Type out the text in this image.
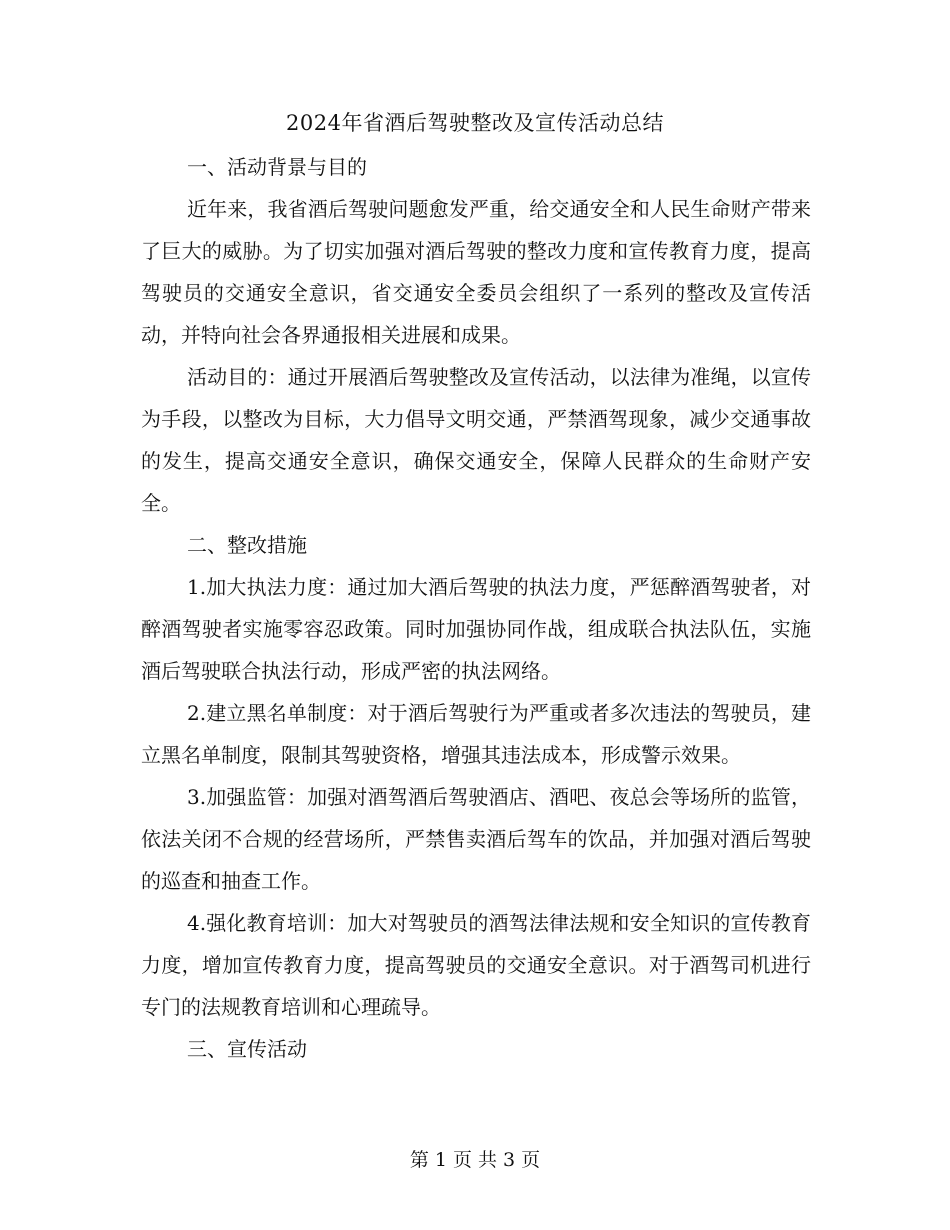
2024年省酒后驾驶整改及宣传活动总结

一、活动背景与目的

近年来，我省酒后驾驶问题愈发严重，给交通安全和人民生命财产带来了巨大的威胁。为了切实加强对酒后驾驶的整改力度和宣传教育力度，提高驾驶员的交通安全意识，省交通安全委员会组织了一系列的整改及宣传活动，并特向社会各界通报相关进展和成果。

活动目的：通过开展酒后驾驶整改及宣传活动，以法律为准绳，以宣传为手段，以整改为目标，大力倡导文明交通，严禁酒驾现象，减少交通事故的发生，提高交通安全意识，确保交通安全，保障人民群众的生命财产安全。

二、整改措施

1.加大执法力度：通过加大酒后驾驶的执法力度，严惩醉酒驾驶者，对醉酒驾驶者实施零容忍政策。同时加强协同作战，组成联合执法队伍，实施酒后驾驶联合执法行动，形成严密的执法网络。

2.建立黑名单制度：对于酒后驾驶行为严重或者多次违法的驾驶员，建立黑名单制度，限制其驾驶资格，增强其违法成本，形成警示效果。

3.加强监管：加强对酒驾酒后驾驶酒店、酒吧、夜总会等场所的监管，依法关闭不合规的经营场所，严禁售卖酒后驾车的饮品，并加强对酒后驾驶的巡查和抽查工作。

4.强化教育培训：加大对驾驶员的酒驾法律法规和安全知识的宣传教育力度，增加宣传教育力度，提高驾驶员的交通安全意识。对于酒驾司机进行专门的法规教育培训和心理疏导。

三、宣传活动

第 1 页 共 3 页
